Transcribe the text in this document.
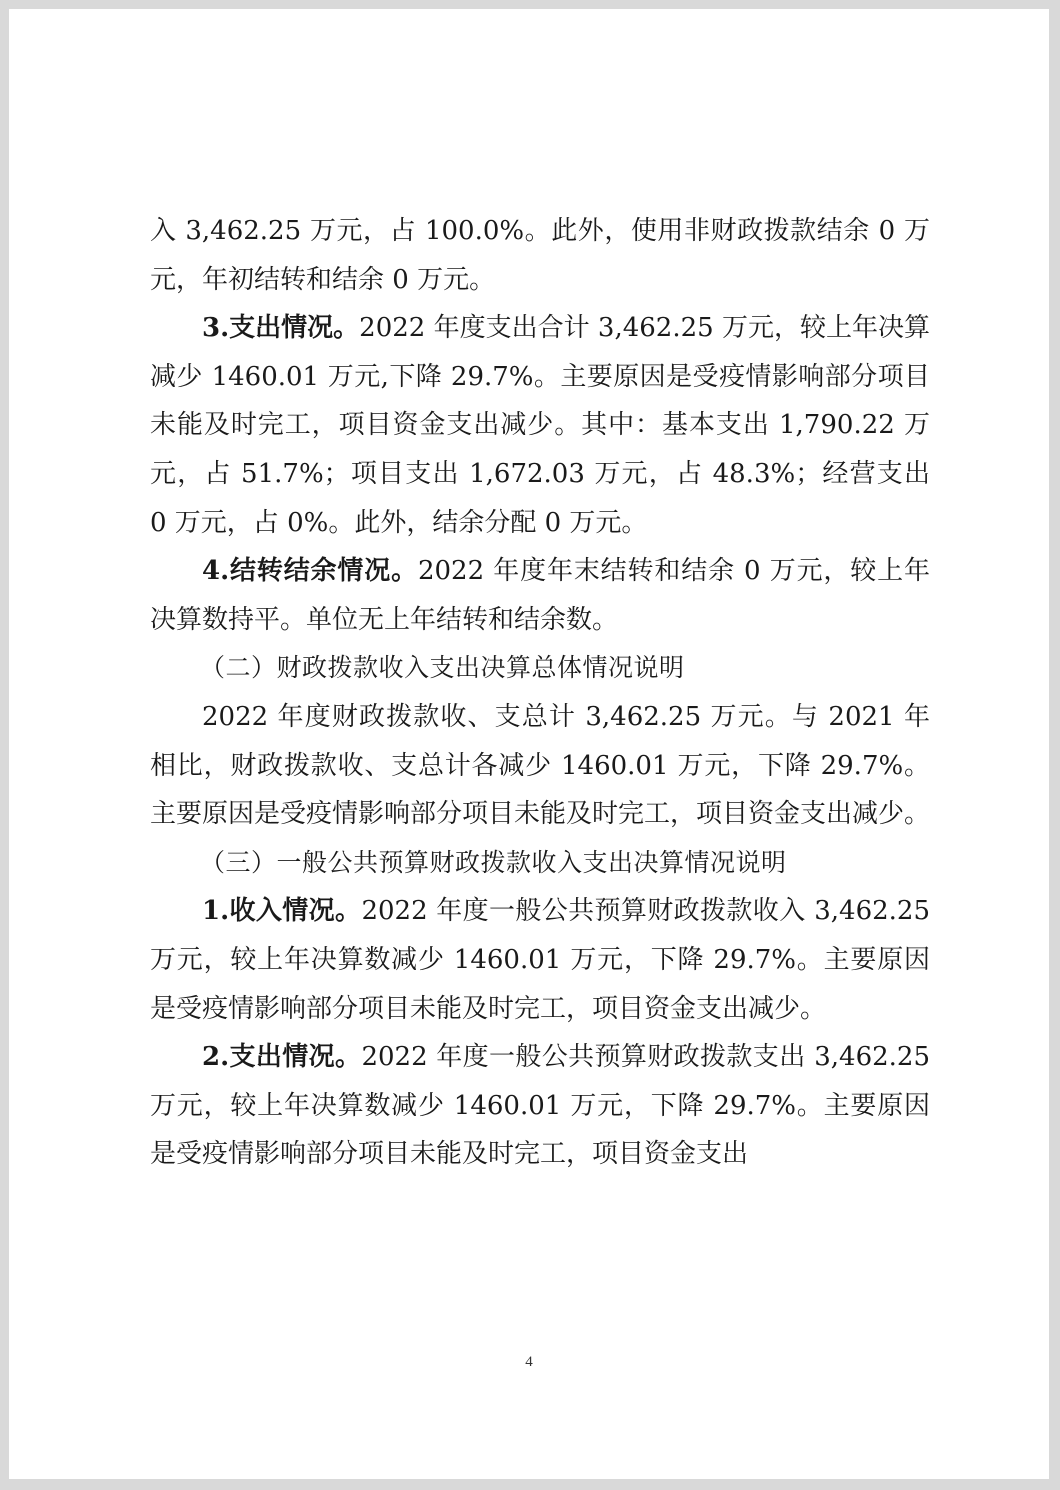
入 3,462.25 万元，占 100.0%。此外，使用非财政拨款结余 0 万元，年初结转和结余 0 万元。

3.支出情况。2022 年度支出合计 3,462.25 万元，较上年决算减少 1460.01 万元,下降 29.7%。主要原因是受疫情影响部分项目未能及时完工，项目资金支出减少。其中：基本支出 1,790.22 万元，占 51.7%；项目支出 1,672.03 万元，占 48.3%；经营支出 0 万元，占 0%。此外，结余分配 0 万元。

4.结转结余情况。2022 年度年末结转和结余 0 万元，较上年决算数持平。单位无上年结转和结余数。

（二）财政拨款收入支出决算总体情况说明

2022 年度财政拨款收、支总计 3,462.25 万元。与 2021 年相比，财政拨款收、支总计各减少 1460.01 万元，下降 29.7%。主要原因是受疫情影响部分项目未能及时完工，项目资金支出减少。

（三）一般公共预算财政拨款收入支出决算情况说明

1.收入情况。2022 年度一般公共预算财政拨款收入 3,462.25 万元，较上年决算数减少 1460.01 万元，下降 29.7%。主要原因是受疫情影响部分项目未能及时完工，项目资金支出减少。

2.支出情况。2022 年度一般公共预算财政拨款支出 3,462.25 万元，较上年决算数减少 1460.01 万元，下降 29.7%。主要原因是受疫情影响部分项目未能及时完工，项目资金支出

4
